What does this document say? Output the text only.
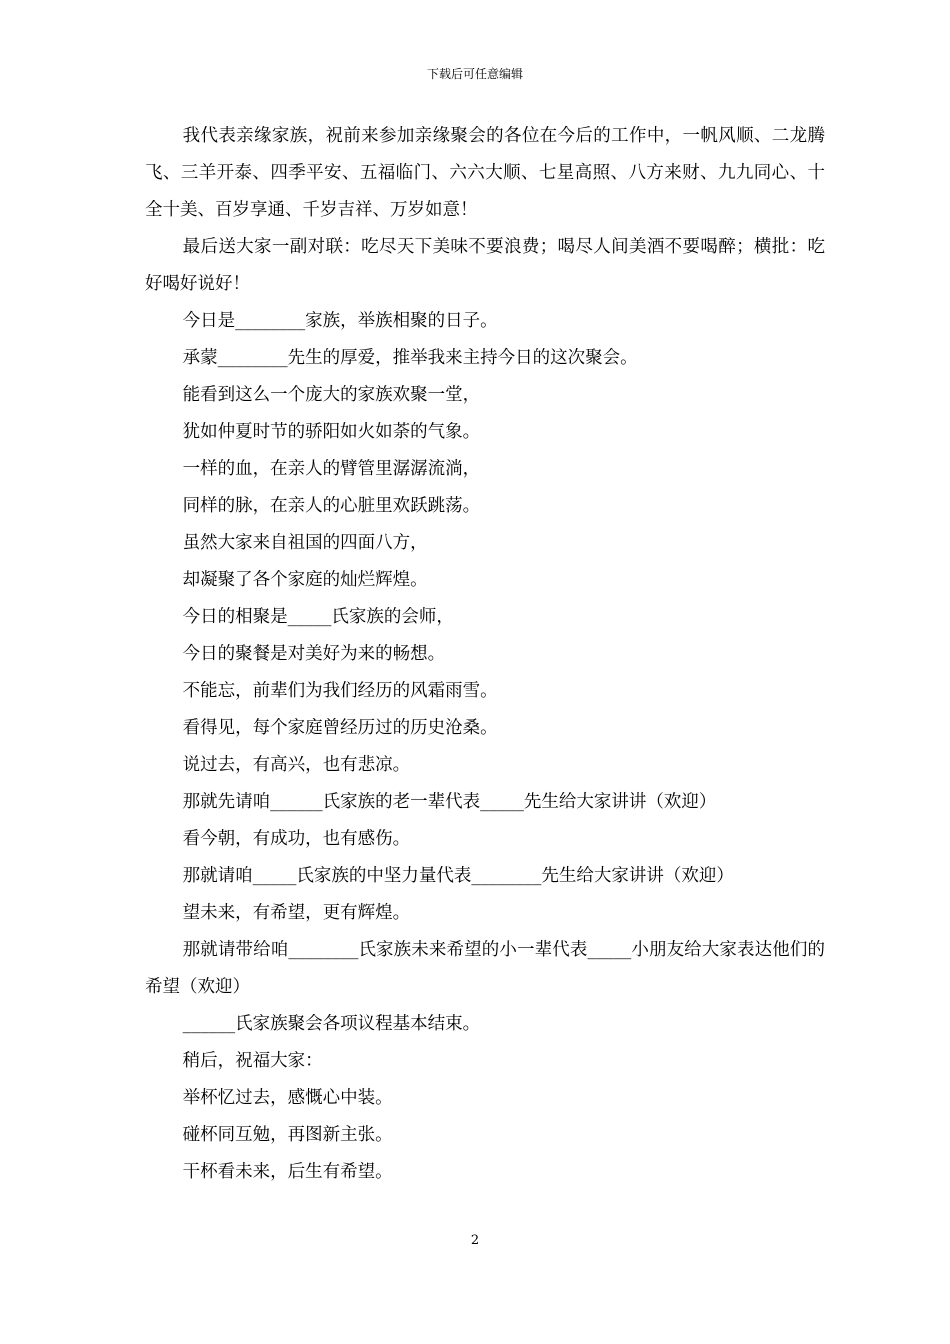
下载后可任意编辑

我代表亲缘家族，祝前来参加亲缘聚会的各位在今后的工作中，一帆风顺、二龙腾飞、三羊开泰、四季平安、五福临门、六六大顺、七星高照、八方来财、九九同心、十全十美、百岁享通、千岁吉祥、万岁如意！

最后送大家一副对联：吃尽天下美味不要浪费；喝尽人间美酒不要喝醉；横批：吃好喝好说好！

今日是________家族，举族相聚的日子。

承蒙________先生的厚爱，推举我来主持今日的这次聚会。

能看到这么一个庞大的家族欢聚一堂，

犹如仲夏时节的骄阳如火如荼的气象。

一样的血，在亲人的臂管里潺潺流淌，

同样的脉，在亲人的心脏里欢跃跳荡。

虽然大家来自祖国的四面八方，

却凝聚了各个家庭的灿烂辉煌。

今日的相聚是_____氏家族的会师，

今日的聚餐是对美好为来的畅想。

不能忘，前辈们为我们经历的风霜雨雪。

看得见，每个家庭曾经历过的历史沧桑。

说过去，有高兴，也有悲凉。

那就先请咱______氏家族的老一辈代表_____先生给大家讲讲（欢迎）

看今朝，有成功，也有感伤。

那就请咱_____氏家族的中坚力量代表________先生给大家讲讲（欢迎）

望未来，有希望，更有辉煌。

那就请带给咱________氏家族未来希望的小一辈代表_____小朋友给大家表达他们的希望（欢迎）

______氏家族聚会各项议程基本结束。

稍后，祝福大家：

举杯忆过去，感慨心中装。

碰杯同互勉，再图新主张。

干杯看未来，后生有希望。

2
